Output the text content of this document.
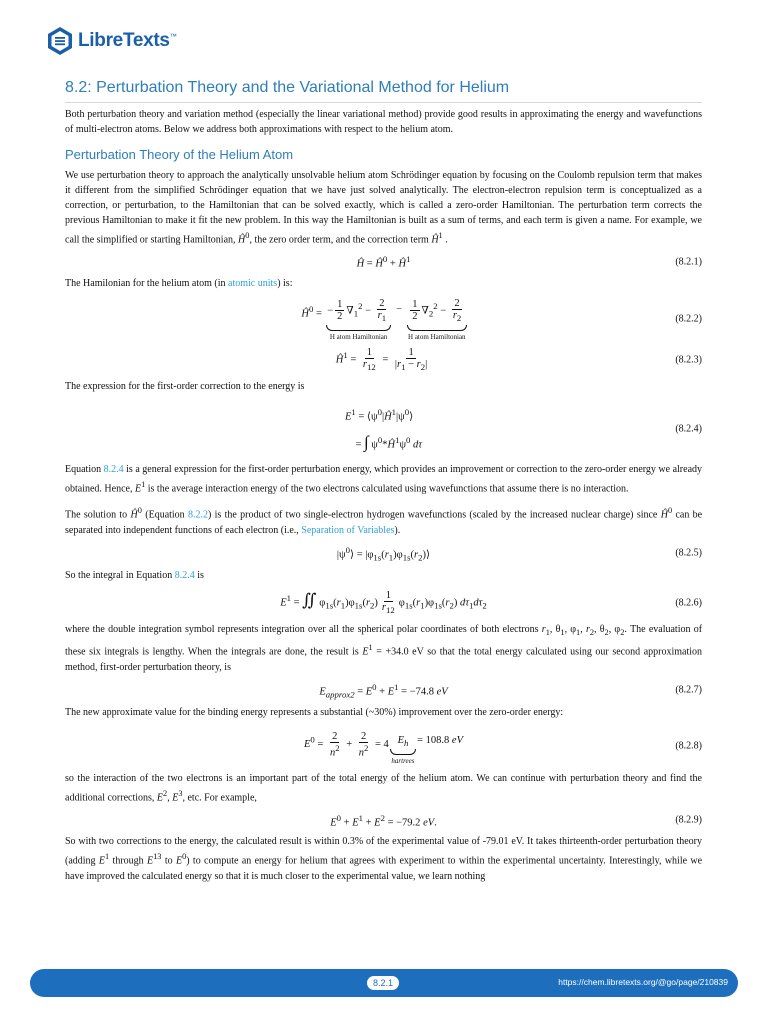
LibreTexts™
8.2: Perturbation Theory and the Variational Method for Helium

Both perturbation theory and variation method (especially the linear variational method) provide good results in approximating the energy and wavefunctions of multi-electron atoms. Below we address both approximations with respect to the helium atom.

Perturbation Theory of the Helium Atom

We use perturbation theory to approach the analytically unsolvable helium atom Schrödinger equation by focusing on the Coulomb repulsion term that makes it different from the simplified Schrödinger equation that we have just solved analytically. The electron-electron repulsion term is conceptualized as a correction, or perturbation, to the Hamiltonian that can be solved exactly, which is called a zero-order Hamiltonian. The perturbation term corrects the previous Hamiltonian to make it fit the new problem. In this way the Hamiltonian is built as a sum of terms, and each term is given a name. For example, we call the simplified or starting Hamiltonian, $Ĥ^0$, the zero order term, and the correction term $Ĥ^1$ .

Ĥ = $Ĥ^0$ + $Ĥ^1$	(8.2.1)

The Hamilonian for the helium atom (in atomic units) is:

$Ĥ^0$ = − $\frac{1}{2} \nabla_1^2 - \frac{2}{r_1}$
H atom Hamiltonian
− $\frac{1}{2} \nabla_2^2 - \frac{2}{r_2}$
H atom Hamiltonian
(8.2.2)
$Ĥ^1 = \frac{1}{r_{12}} = \frac{1}{|r_1 - r_2|}$	(8.2.3)

The expression for the first-order correction to the energy is

$E^1$ = $⟨\psi^0|Ĥ^1|\psi^0⟩$
= ∫ $\psi^0*Ĥ^1\psi^0$ dτ
(8.2.4)

Equation 8.2.4 is a general expression for the first-order perturbation energy, which provides an improvement or correction to the zero-order energy we already obtained. Hence, $E^1$ is the average interaction energy of the two electrons calculated using wavefunctions that assume there is no interaction.

The solution to $Ĥ^0$ (Equation 8.2.2) is the product of two single-electron hydrogen wavefunctions (scaled by the increased nuclear charge) since $Ĥ^0$ can be separated into independent functions of each electron (i.e., Separation of Variables).

$|\psi^0⟩$ = $|\varphi_{1s}(r_1)\varphi_{1s}(r_2)⟩$	(8.2.5)

So the integral in Equation 8.2.4 is

$E^1$ = ∬ $\varphi_{1s}(r_1)\varphi_{1s}(r_2) \frac{1}{r_{12}} \varphi_{1s}(r_1)\varphi_{1s}(r_2)$ $d\tau_1d\tau_2$	(8.2.6)

where the double integration symbol represents integration over all the spherical polar coordinates of both electrons $r_1$, $\theta_1$, $\varphi_1$, $r_2$, $\theta_2$, $\varphi_2$. The evaluation of these six integrals is lengthy. When the integrals are done, the result is $E^1 = +34.0$ eV so that the total energy calculated using our second approximation method, first-order perturbation theory, is

$E_{approx2} = E^0 + E^1 = -74.8$ eV	(8.2.7)

The new approximate value for the binding energy represents a substantial (~30%) improvement over the zero-order energy:

$E^0 = \frac{2}{n^2} + \frac{2}{n^2} = 4$ $E_h$
hartrees
= 108.8 eV
(8.2.8)

so the interaction of the two electrons is an important part of the total energy of the helium atom. We can continue with perturbation theory and find the additional corrections, $E^2$, $E^3$, etc. For example,

$E^0 + E^1 + E^2 = -79.2$ eV.	(8.2.9)

So with two corrections to the energy, the calculated result is within 0.3% of the experimental value of -79.01 eV. It takes thirteenth-order perturbation theory (adding $E^1$ through $E^{13}$ to $E^0$) to compute an energy for helium that agrees with experiment to within the experimental uncertainty. Interestingly, while we have improved the calculated energy so that it is much closer to the experimental value, we learn nothing

8.2.1	https://chem.libretexts.org/@go/page/210839
